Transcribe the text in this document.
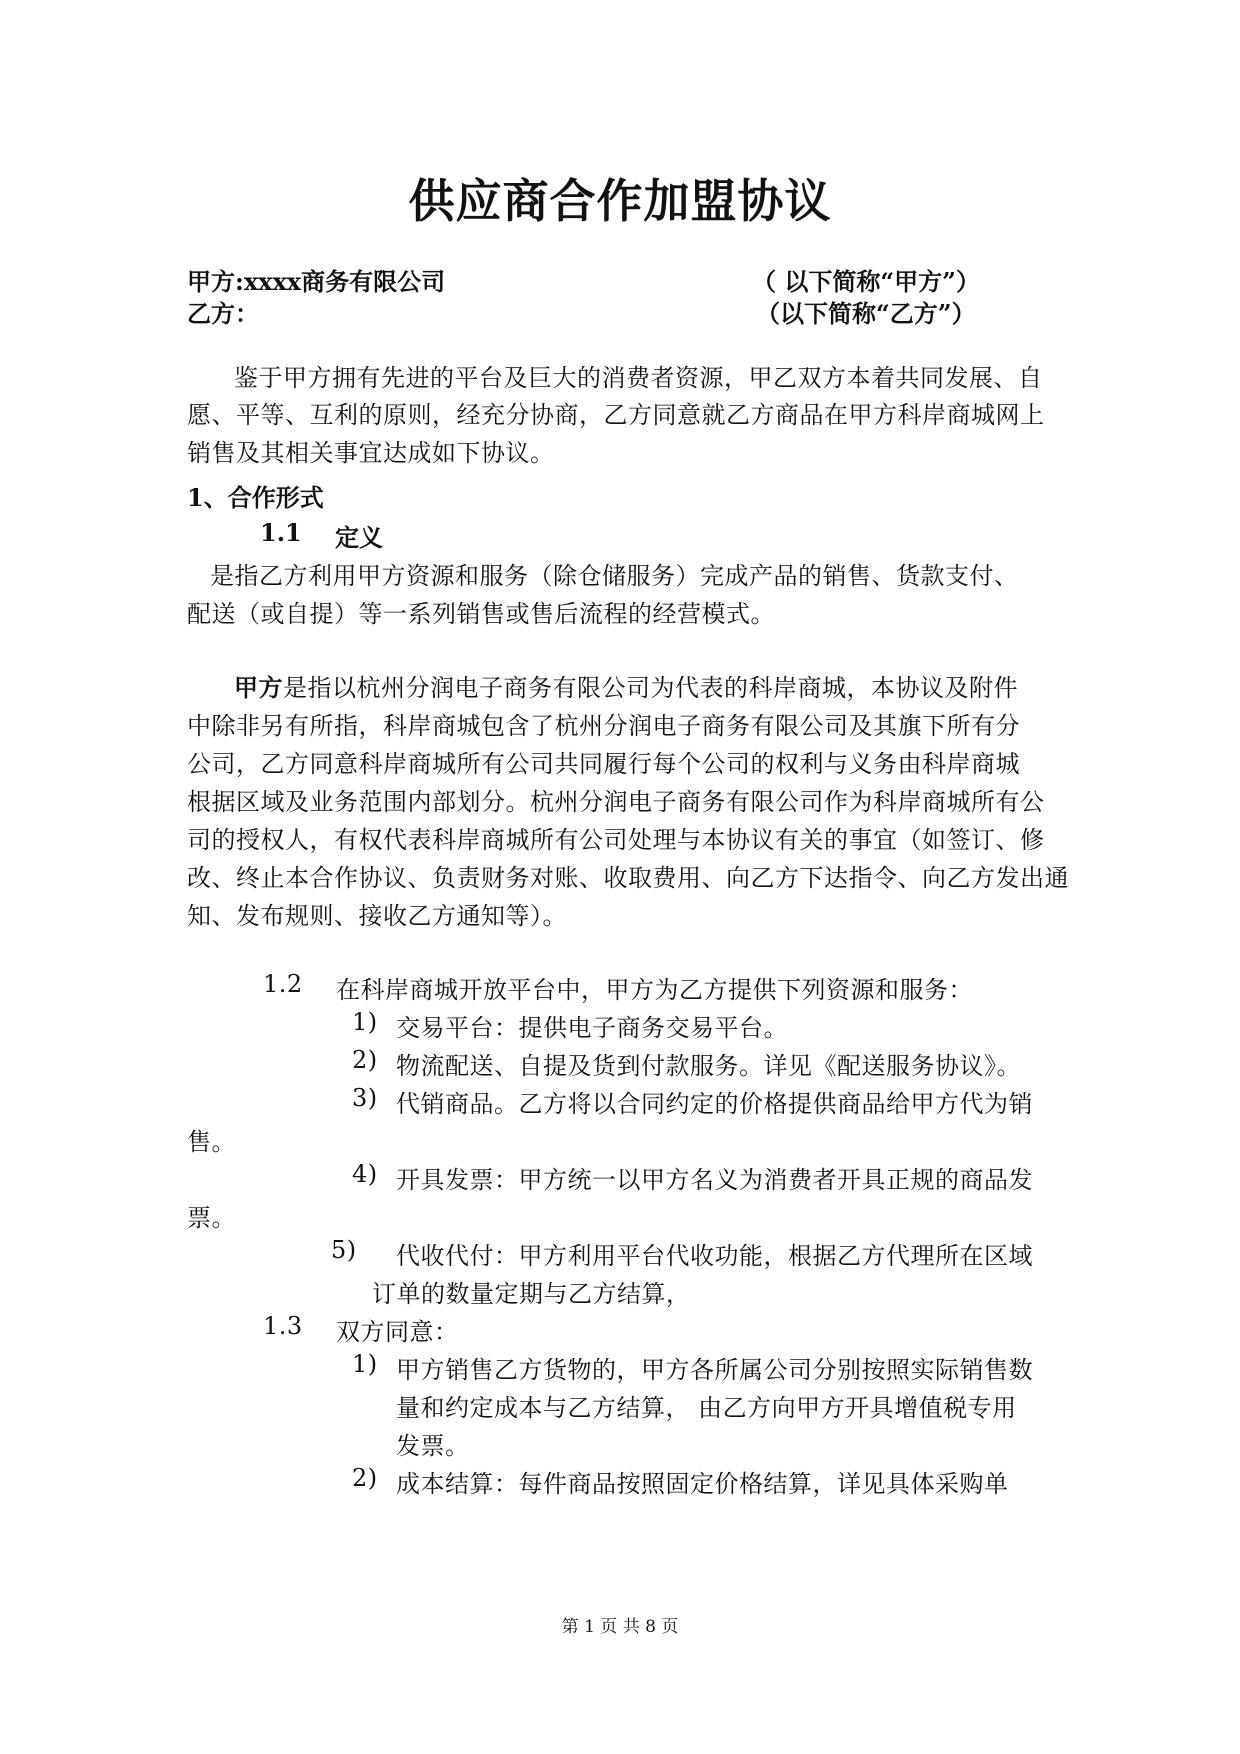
供应商合作加盟协议
甲方:xxxx商务有限公司	（ 以下简称“甲方”）
乙方：	（以下简称“乙方”）
鉴于甲方拥有先进的平台及巨大的消费者资源，甲乙双方本着共同发展、自
愿、平等、互利的原则，经充分协商，乙方同意就乙方商品在甲方科岸商城网上
销售及其相关事宜达成如下协议。
1、合作形式
1.1 定义
是指乙方利用甲方资源和服务（除仓储服务）完成产品的销售、货款支付、
配送（或自提）等一系列销售或售后流程的经营模式。
甲方是指以杭州分润电子商务有限公司为代表的科岸商城，本协议及附件
中除非另有所指，科岸商城包含了杭州分润电子商务有限公司及其旗下所有分
公司，乙方同意科岸商城所有公司共同履行每个公司的权利与义务由科岸商城
根据区域及业务范围内部划分。杭州分润电子商务有限公司作为科岸商城所有公
司的授权人，有权代表科岸商城所有公司处理与本协议有关的事宜（如签订、修
改、终止本合作协议、负责财务对账、收取费用、向乙方下达指令、向乙方发出通
知、发布规则、接收乙方通知等）。
1.2 在科岸商城开放平台中，甲方为乙方提供下列资源和服务：
1) 交易平台：提供电子商务交易平台。
2) 物流配送、自提及货到付款服务。详见《配送服务协议》。
3) 代销商品。乙方将以合同约定的价格提供商品给甲方代为销
售。
4) 开具发票：甲方统一以甲方名义为消费者开具正规的商品发
票。
5) 代收代付：甲方利用平台代收功能，根据乙方代理所在区域
订单的数量定期与乙方结算，
1.3 双方同意：
1) 甲方销售乙方货物的，甲方各所属公司分别按照实际销售数
量和约定成本与乙方结算， 由乙方向甲方开具增值税专用
发票。
2) 成本结算：每件商品按照固定价格结算，详见具体采购单
第 1 页 共 8 页
